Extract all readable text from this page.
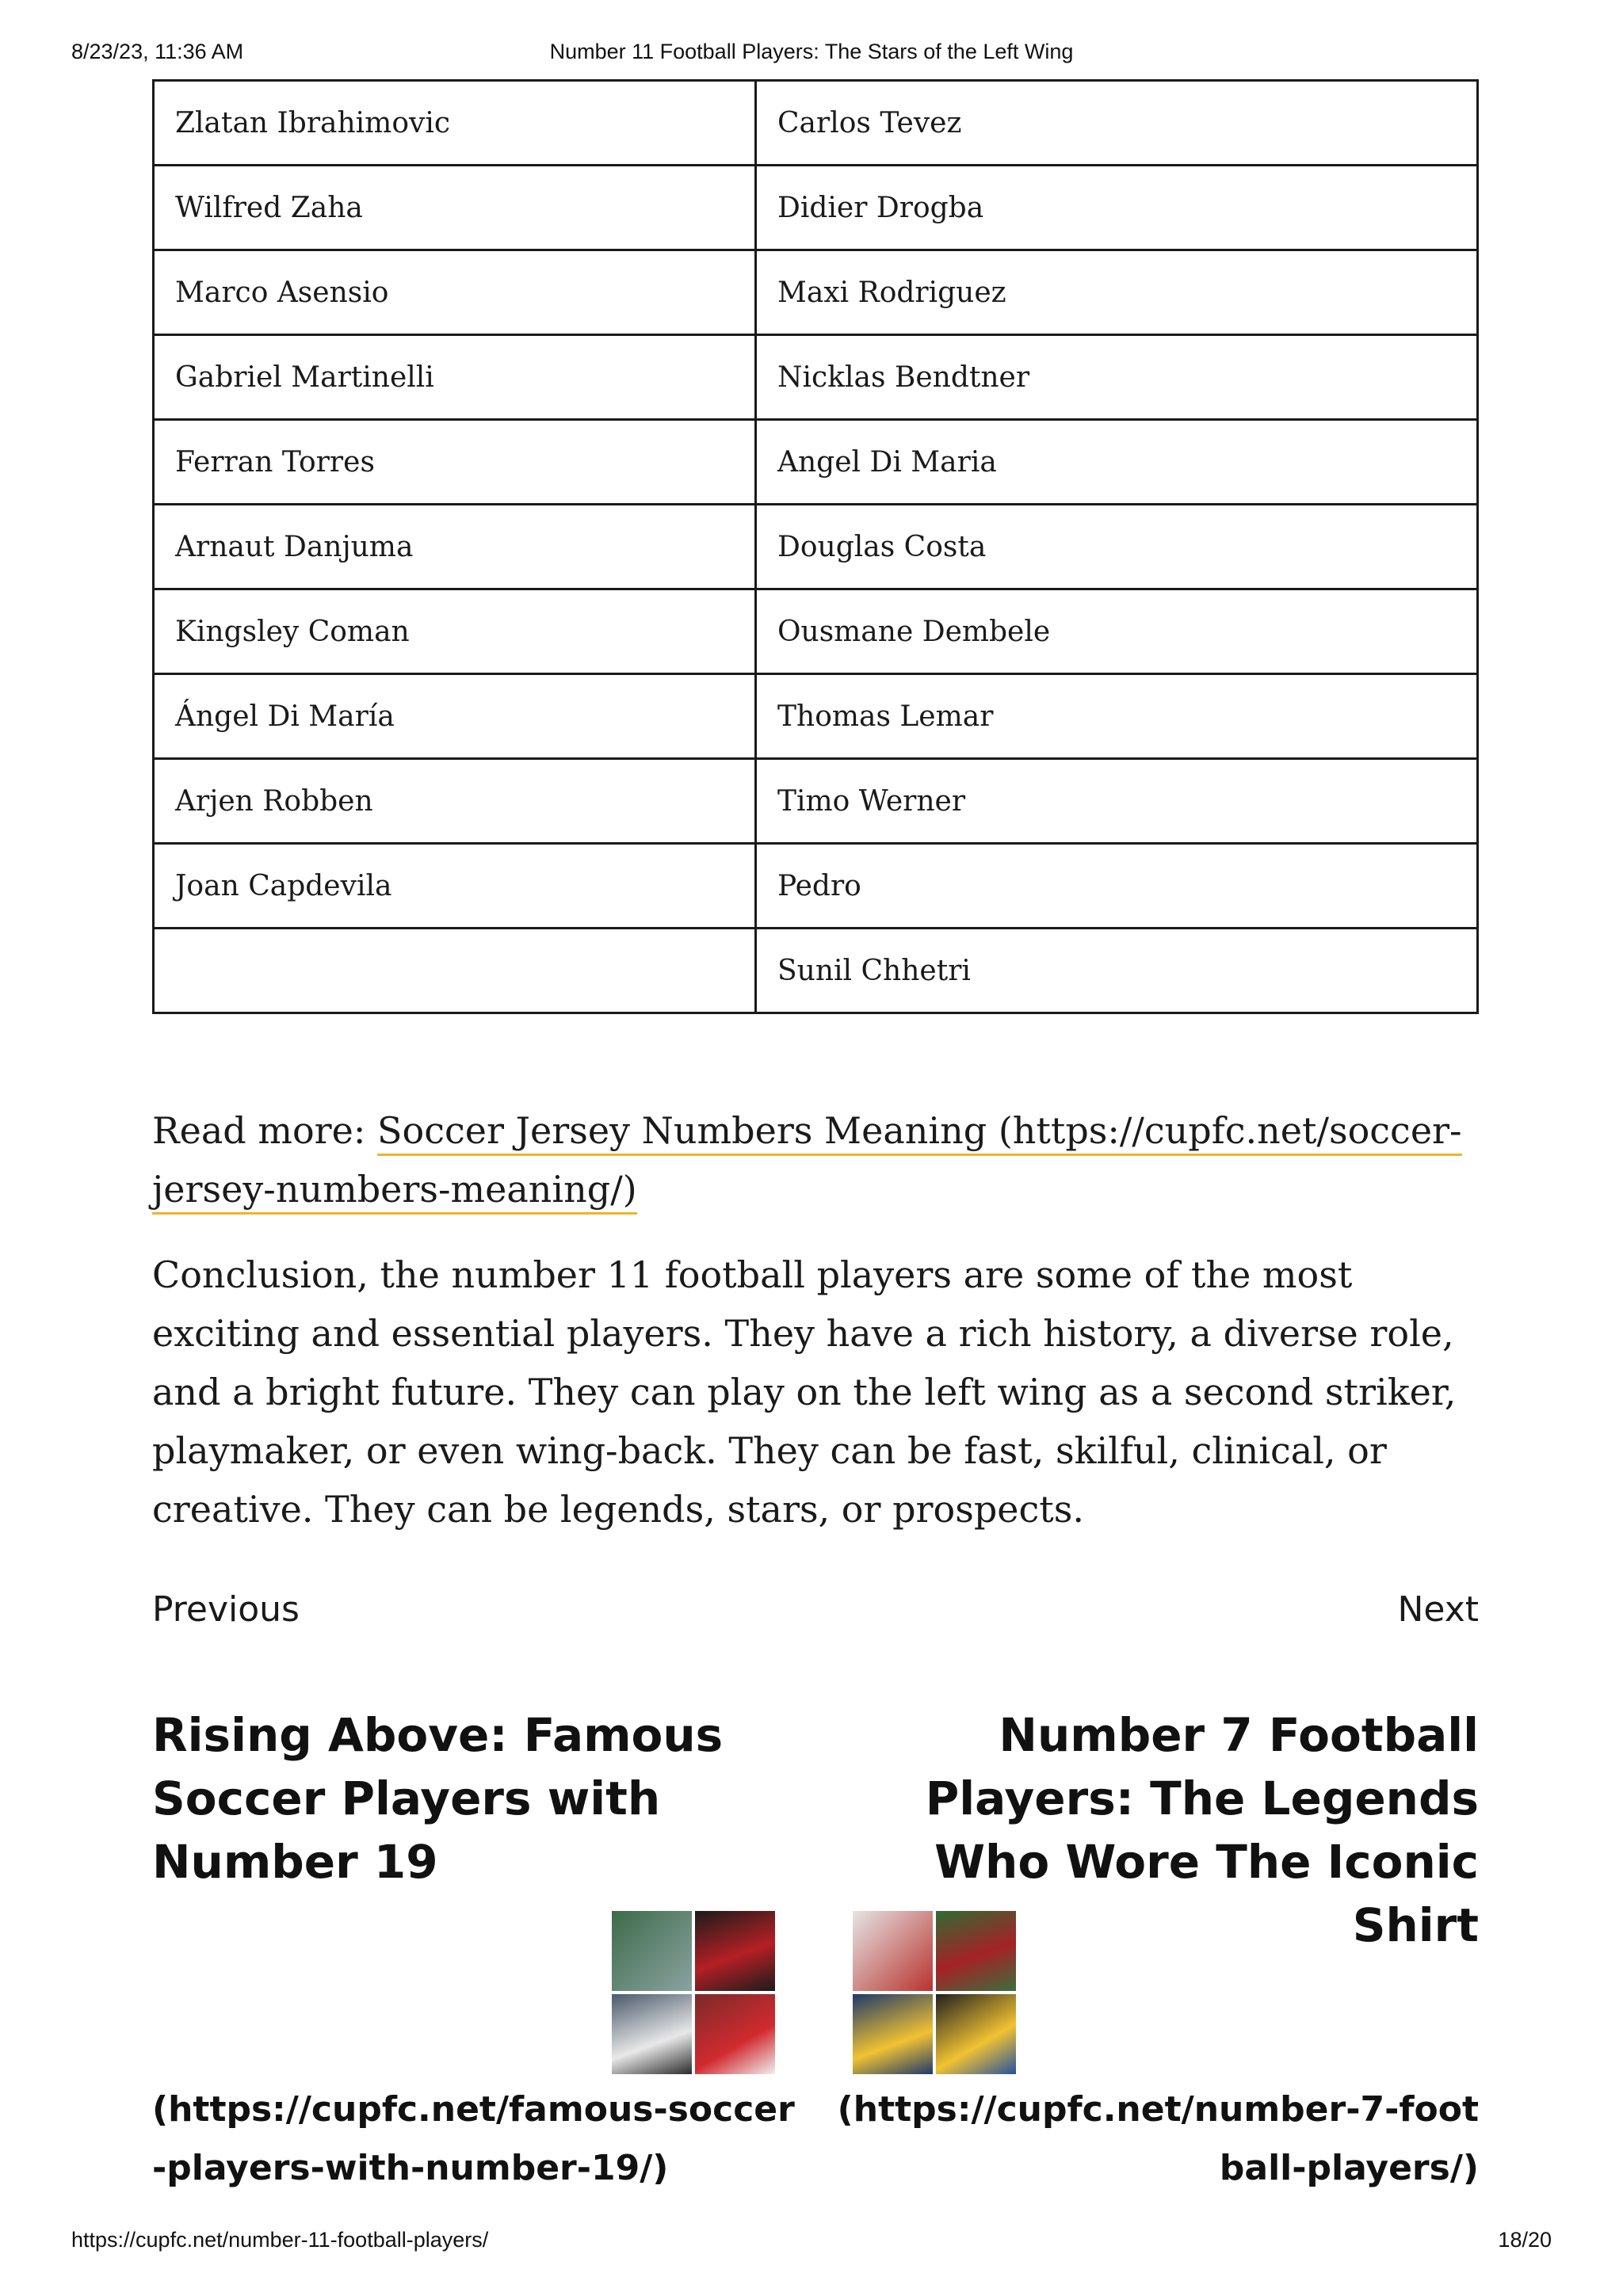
8/23/23, 11:36 AM	Number 11 Football Players: The Stars of the Left Wing
Zlatan Ibrahimovic	Carlos Tevez
Wilfred Zaha	Didier Drogba
Marco Asensio	Maxi Rodriguez
Gabriel Martinelli	Nicklas Bendtner
Ferran Torres	Angel Di Maria
Arnaut Danjuma	Douglas Costa
Kingsley Coman	Ousmane Dembele
Ángel Di María	Thomas Lemar
Arjen Robben	Timo Werner
Joan Capdevila	Pedro
	Sunil Chhetri
Read more: Soccer Jersey Numbers Meaning (https://cupfc.net/soccer-jersey-numbers-meaning/)

Conclusion, the number 11 football players are some of the most exciting and essential players. They have a rich history, a diverse role, and a bright future. They can play on the left wing as a second striker, playmaker, or even wing-back. They can be fast, skilful, clinical, or creative. They can be legends, stars, or prospects.

Previous	Next
Rising Above: Famous Soccer Players with Number 19
Number 7 Football Players: The Legends Who Wore The Iconic Shirt

(https://cupfc.net/famous-soccer-players-with-number-19/)

(https://cupfc.net/number-7-football-players/)

https://cupfc.net/number-11-football-players/	18/20
